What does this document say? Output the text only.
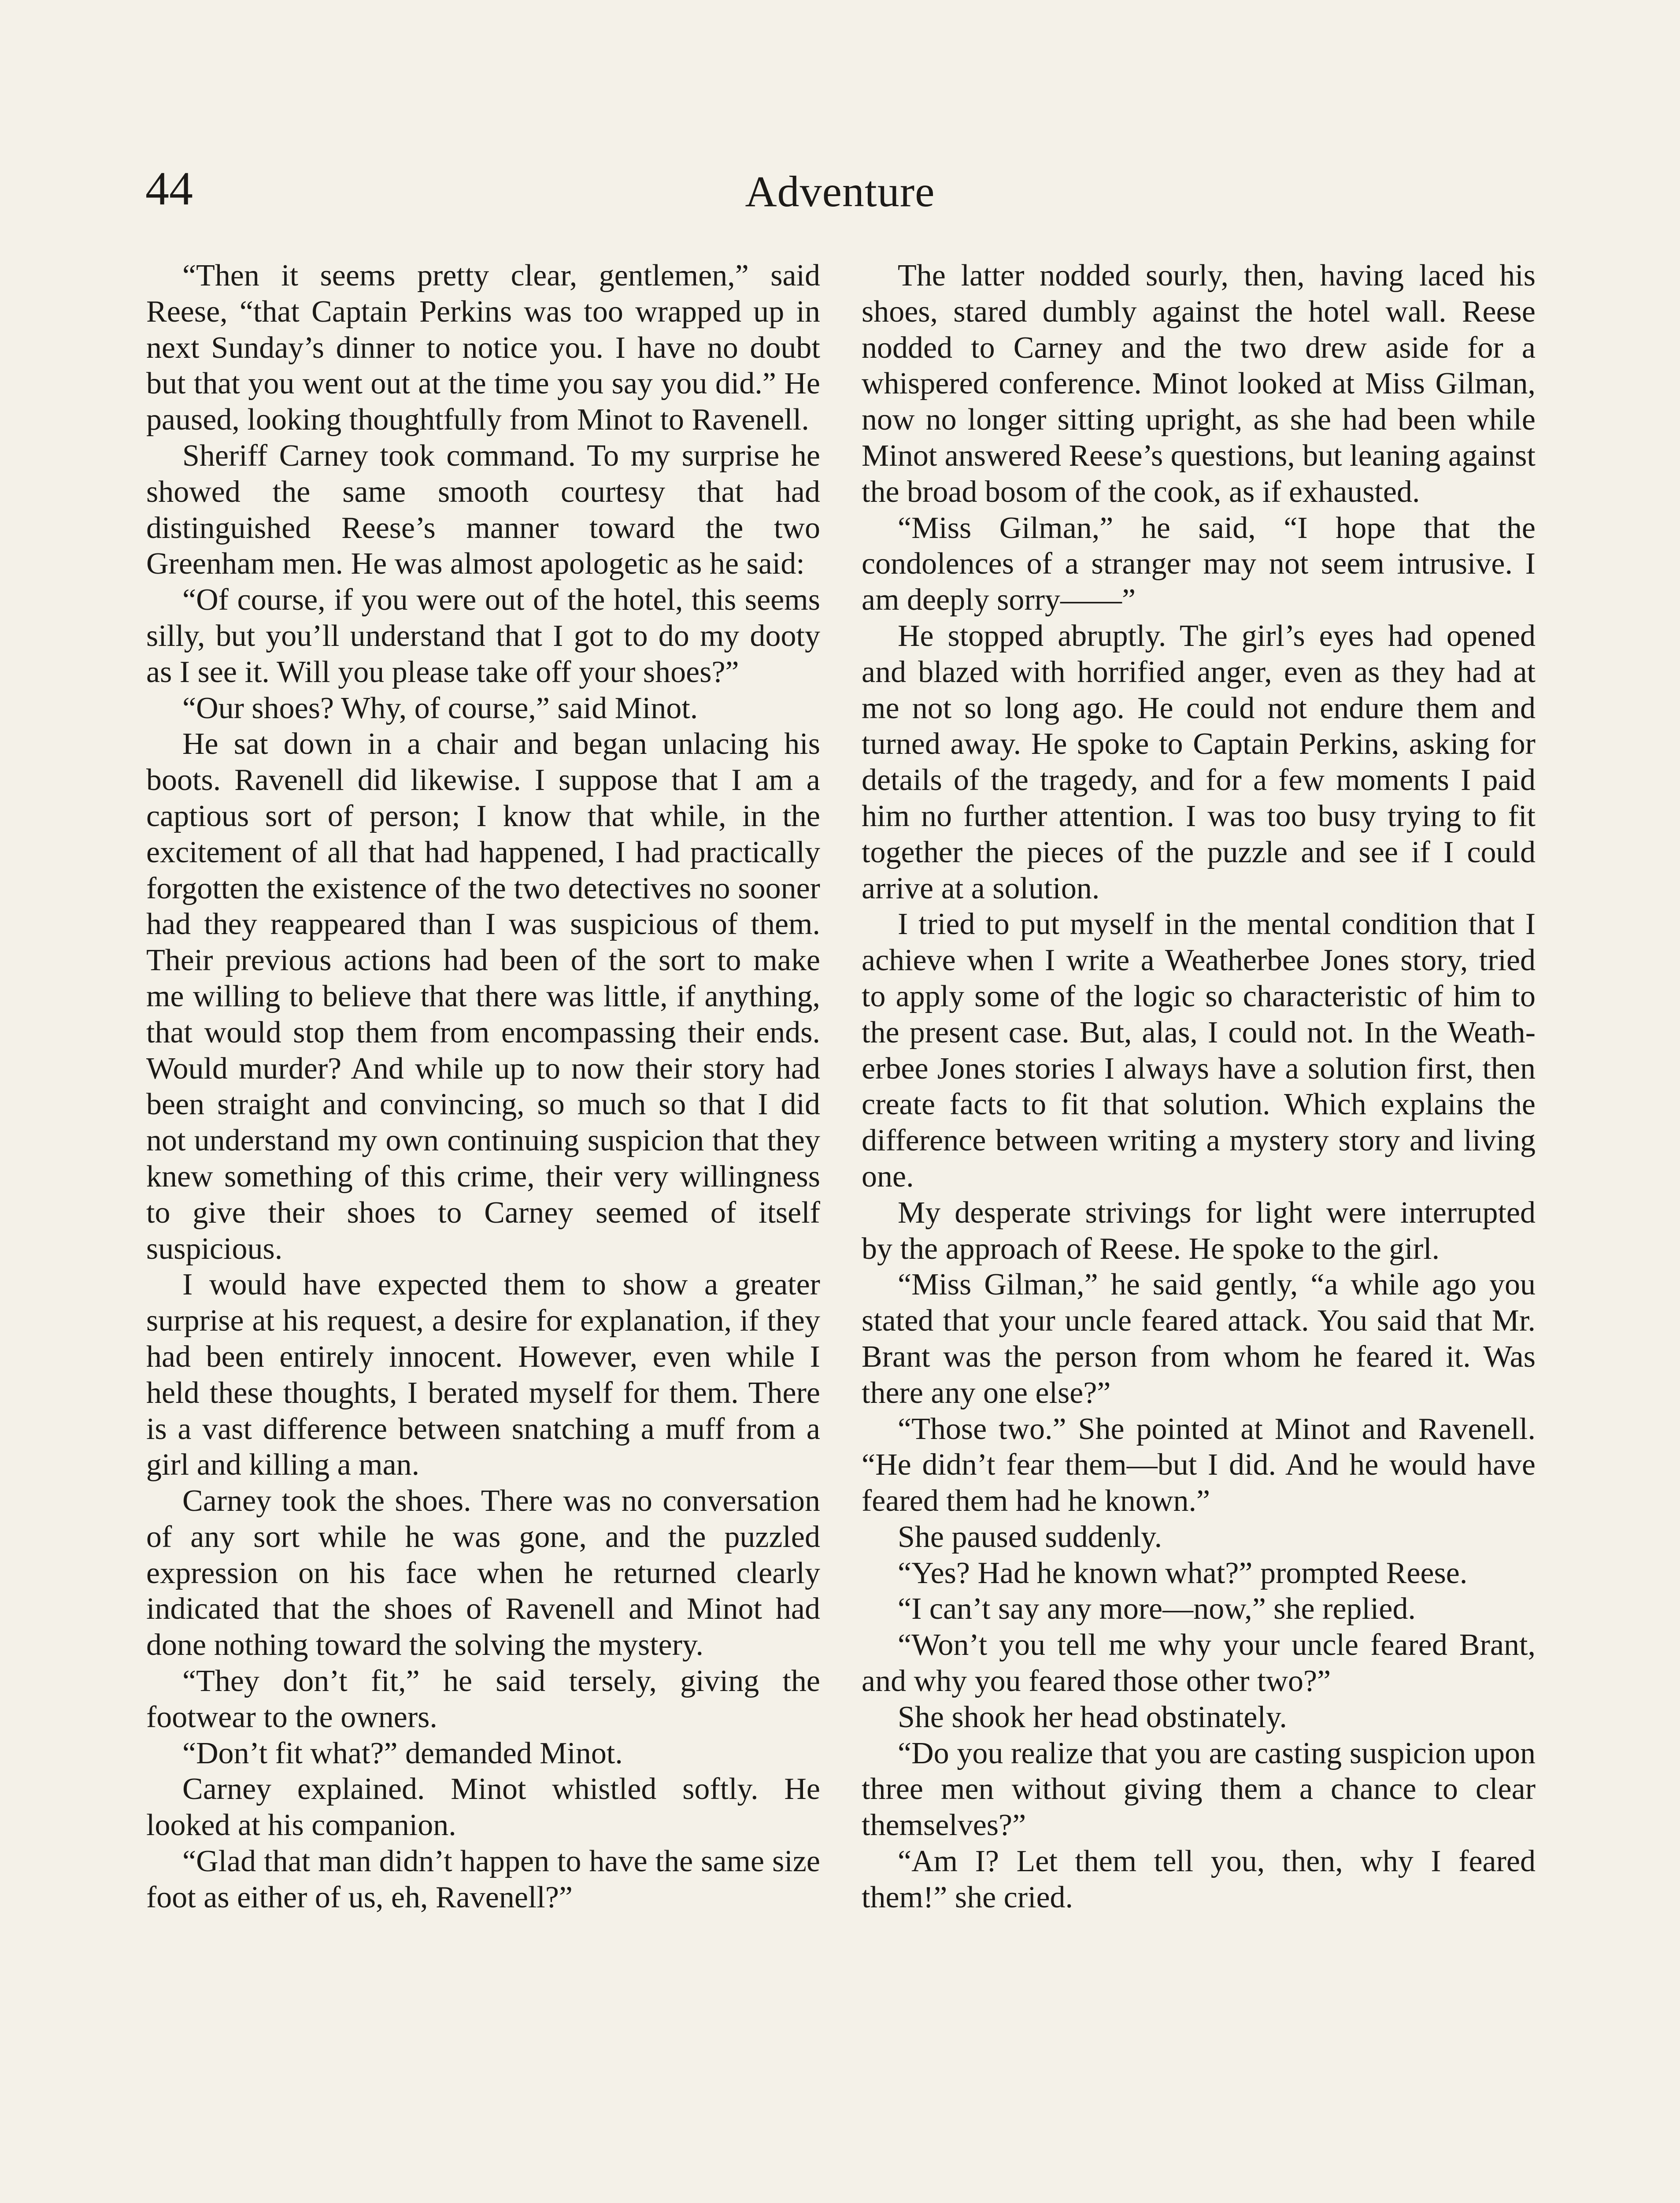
44	Adventure

“Then it seems pretty clear, gentlemen,” said Reese, “that Captain Perkins was too wrapped up in next Sunday’s dinner to notice you. I have no doubt but that you went out at the time you say you did.” He paused, looking thoughtfully from Minot to Ravenell.

Sheriff Carney took command. To my surprise he showed the same smooth courtesy that had distinguished Reese’s manner toward the two Greenham men. He was almost apologetic as he said:

“Of course, if you were out of the hotel, this seems silly, but you’ll understand that I got to do my dooty as I see it. Will you please take off your shoes?”

“Our shoes? Why, of course,” said Minot.

He sat down in a chair and began unlacing his boots. Ravenell did likewise. I suppose that I am a captious sort of person; I know that while, in the excitement of all that had happened, I had practically forgotten the existence of the two detectives no sooner had they reappeared than I was suspicious of them. Their previous actions had been of the sort to make me willing to believe that there was little, if anything, that would stop them from encompassing their ends. Would murder? And while up to now their story had been straight and convincing, so much so that I did not understand my own continuing suspicion that they knew something of this crime, their very willingness to give their shoes to Carney seemed of itself suspicious.

I would have expected them to show a greater surprise at his request, a desire for explanation, if they had been entirely innocent. However, even while I held these thoughts, I berated myself for them. There is a vast difference between snatching a muff from a girl and killing a man.

Carney took the shoes. There was no conversation of any sort while he was gone, and the puzzled expression on his face when he returned clearly indicated that the shoes of Ravenell and Minot had done nothing toward the solving the mystery.

“They don’t fit,” he said tersely, giving the footwear to the owners.

“Don’t fit what?” demanded Minot.

Carney explained. Minot whistled softly. He looked at his companion.

“Glad that man didn’t happen to have the same size foot as either of us, eh, Ravenell?”

The latter nodded sourly, then, having laced his shoes, stared dumbly against the hotel wall. Reese nodded to Carney and the two drew aside for a whispered conference. Minot looked at Miss Gilman, now no longer sitting upright, as she had been while Minot answered Reese’s questions, but leaning against the broad bosom of the cook, as if exhausted.

“Miss Gilman,” he said, “I hope that the condolences of a stranger may not seem intrusive. I am deeply sorry——”

He stopped abruptly. The girl’s eyes had opened and blazed with horrified anger, even as they had at me not so long ago. He could not endure them and turned away. He spoke to Captain Perkins, asking for details of the tragedy, and for a few moments I paid him no further attention. I was too busy trying to fit together the pieces of the puzzle and see if I could arrive at a solution.

I tried to put myself in the mental condition that I achieve when I write a Weatherbee Jones story, tried to apply some of the logic so characteristic of him to the present case. But, alas, I could not. In the Weatherbee Jones stories I always have a solution first, then create facts to fit that solution. Which explains the difference between writing a mystery story and living one.

My desperate strivings for light were interrupted by the approach of Reese. He spoke to the girl.

“Miss Gilman,” he said gently, “a while ago you stated that your uncle feared attack. You said that Mr. Brant was the person from whom he feared it. Was there any one else?”

“Those two.” She pointed at Minot and Ravenell. “He didn’t fear them—but I did. And he would have feared them had he known.”

She paused suddenly.

“Yes? Had he known what?” prompted Reese.

“I can’t say any more—now,” she replied.

“Won’t you tell me why your uncle feared Brant, and why you feared those other two?”

She shook her head obstinately.

“Do you realize that you are casting suspicion upon three men without giving them a chance to clear themselves?”

“Am I? Let them tell you, then, why I feared them!” she cried.
